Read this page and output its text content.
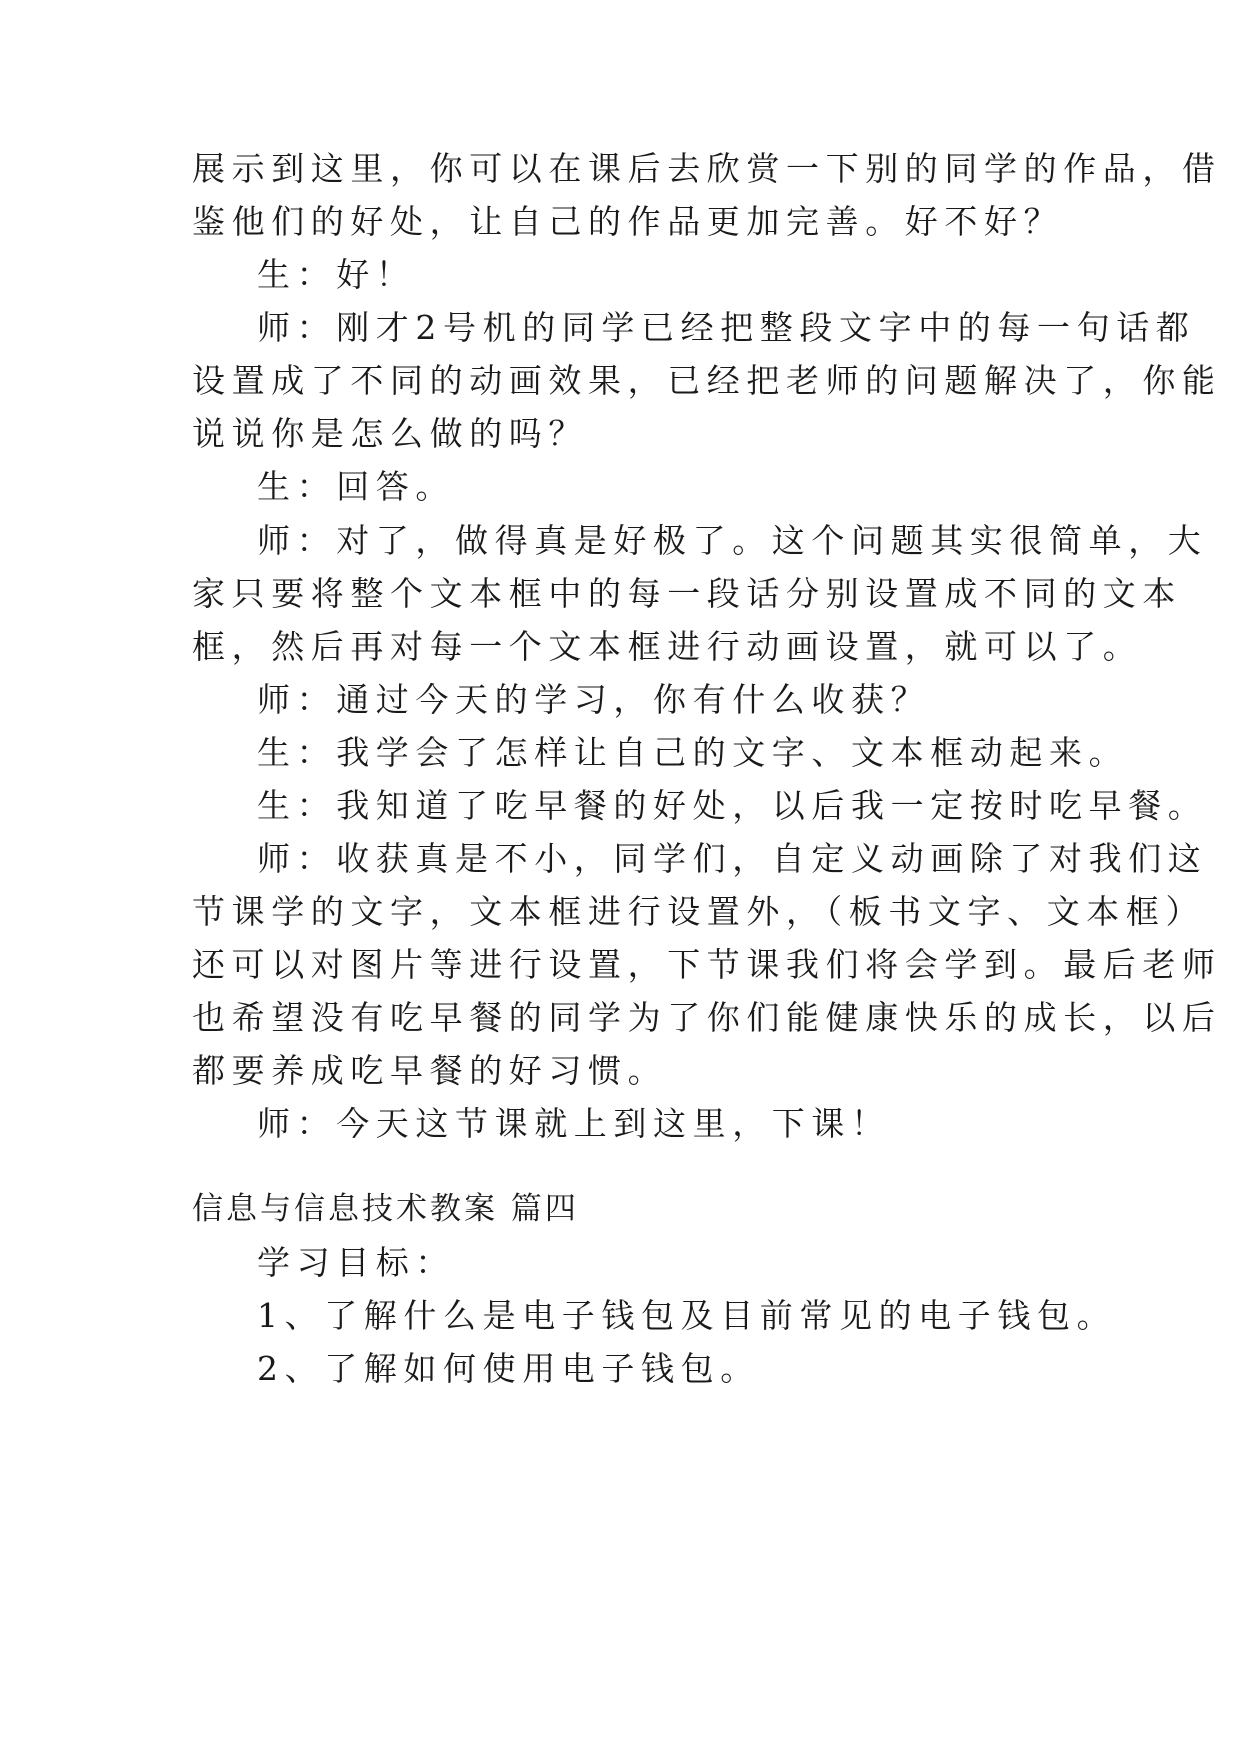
展示到这里，你可以在课后去欣赏一下别的同学的作品，借
鉴他们的好处，让自己的作品更加完善。好不好？
生：好！
师：刚才2号机的同学已经把整段文字中的每一句话都
设置成了不同的动画效果，已经把老师的问题解决了，你能
说说你是怎么做的吗？
生：回答。
师：对了，做得真是好极了。这个问题其实很简单，大
家只要将整个文本框中的每一段话分别设置成不同的文本
框，然后再对每一个文本框进行动画设置，就可以了。
师：通过今天的学习，你有什么收获？
生：我学会了怎样让自己的文字、文本框动起来。
生：我知道了吃早餐的好处，以后我一定按时吃早餐。
师：收获真是不小，同学们，自定义动画除了对我们这
节课学的文字，文本框进行设置外，（板书文字、文本框）
还可以对图片等进行设置，下节课我们将会学到。最后老师
也希望没有吃早餐的同学为了你们能健康快乐的成长，以后
都要养成吃早餐的好习惯。
师：今天这节课就上到这里，下课！
信息与信息技术教案 篇四
学习目标：
1、了解什么是电子钱包及目前常见的电子钱包。
2、了解如何使用电子钱包。
